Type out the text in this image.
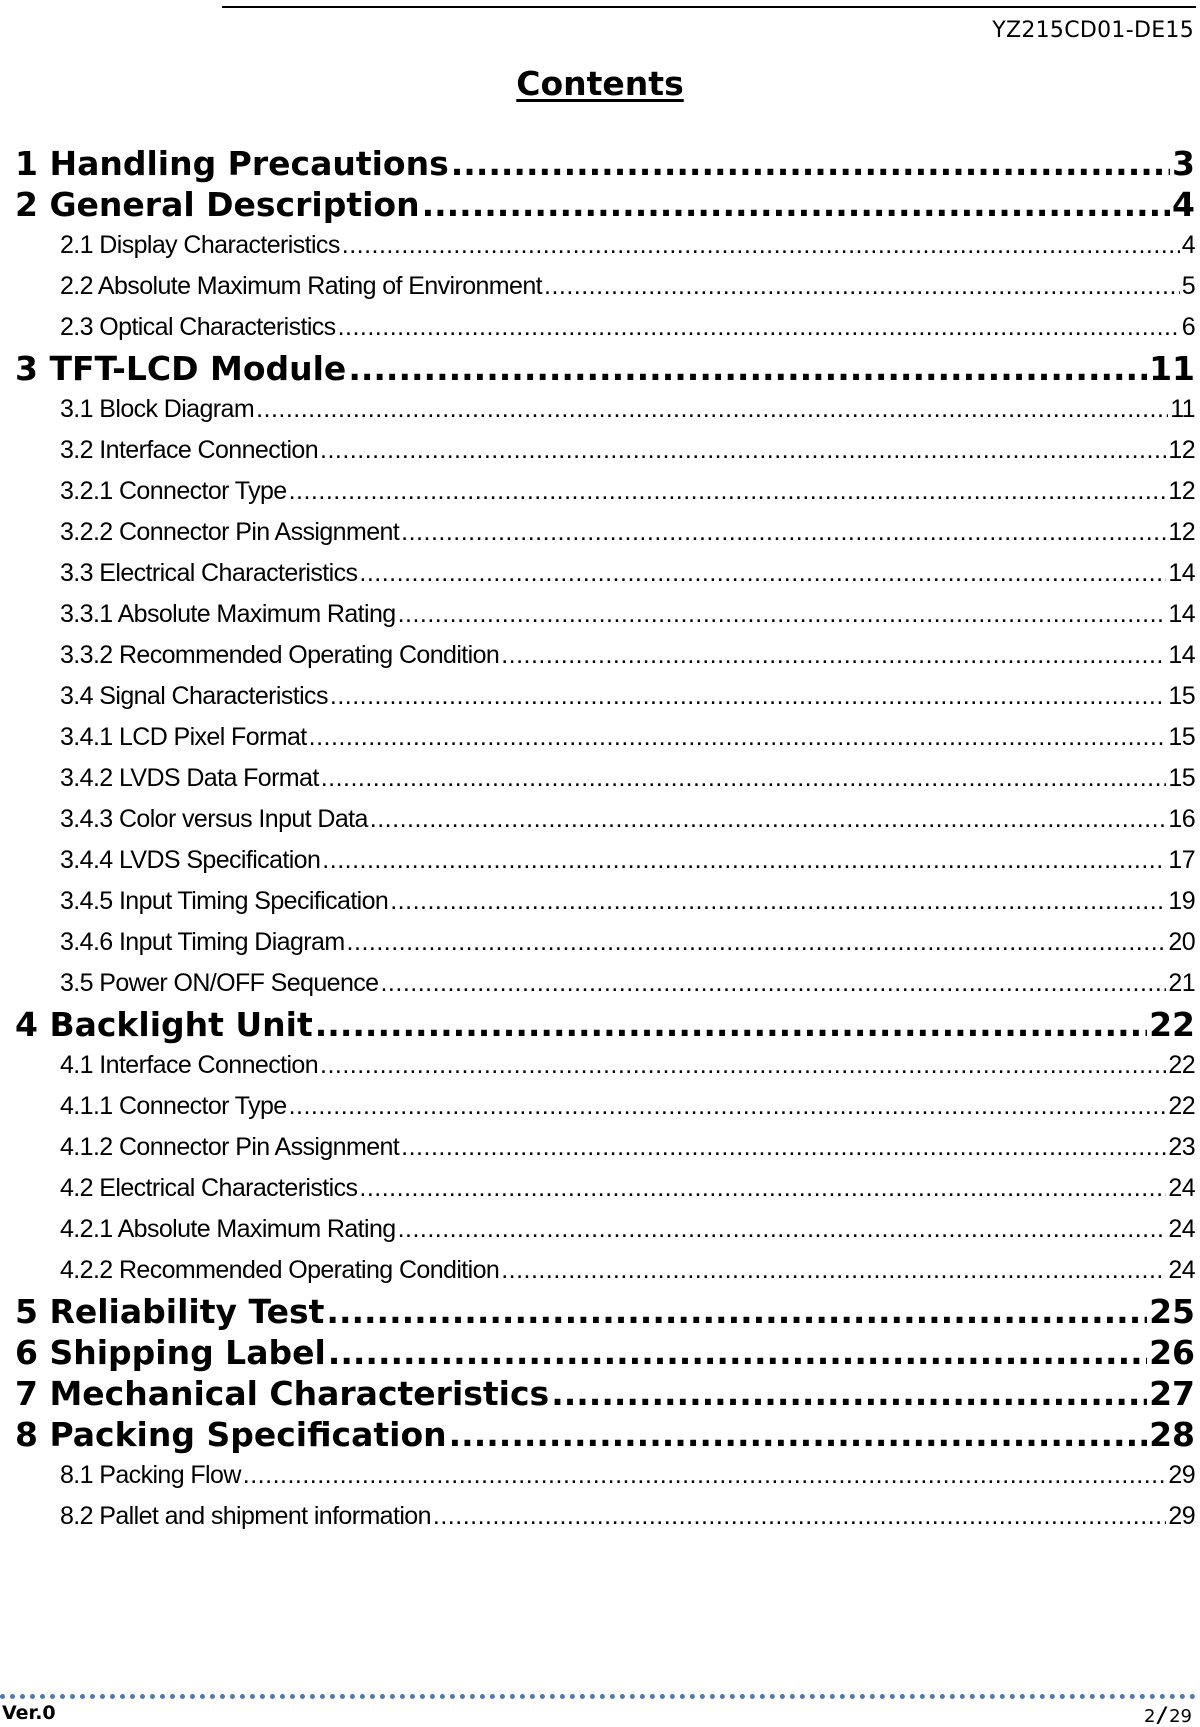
YZ215CD01-DE15
Contents
1 Handling Precautions .....	3
2 General Description .....	4
2.1 Display Characteristics .....	4
2.2 Absolute Maximum Rating of Environment .....	5
2.3 Optical Characteristics .....	6
3 TFT-LCD Module .....	11
3.1 Block Diagram .....	11
3.2 Interface Connection .....	12
3.2.1 Connector Type .....	12
3.2.2 Connector Pin Assignment .....	12
3.3 Electrical Characteristics .....	14
3.3.1 Absolute Maximum Rating .....	14
3.3.2 Recommended Operating Condition .....	14
3.4 Signal Characteristics .....	15
3.4.1 LCD Pixel Format .....	15
3.4.2 LVDS Data Format .....	15
3.4.3 Color versus Input Data .....	16
3.4.4 LVDS Specification .....	17
3.4.5 Input Timing Specification .....	19
3.4.6 Input Timing Diagram .....	20
3.5 Power ON/OFF Sequence .....	21
4 Backlight Unit .....	22
4.1 Interface Connection .....	22
4.1.1 Connector Type .....	22
4.1.2 Connector Pin Assignment .....	23
4.2 Electrical Characteristics .....	24
4.2.1 Absolute Maximum Rating .....	24
4.2.2 Recommended Operating Condition .....	24
5 Reliability Test .....	25
6 Shipping Label .....	26
7 Mechanical Characteristics .....	27
8 Packing Specification .....	28
8.1 Packing Flow .....	29
8.2 Pallet and shipment information .....	29
Ver.0	2 / 29
